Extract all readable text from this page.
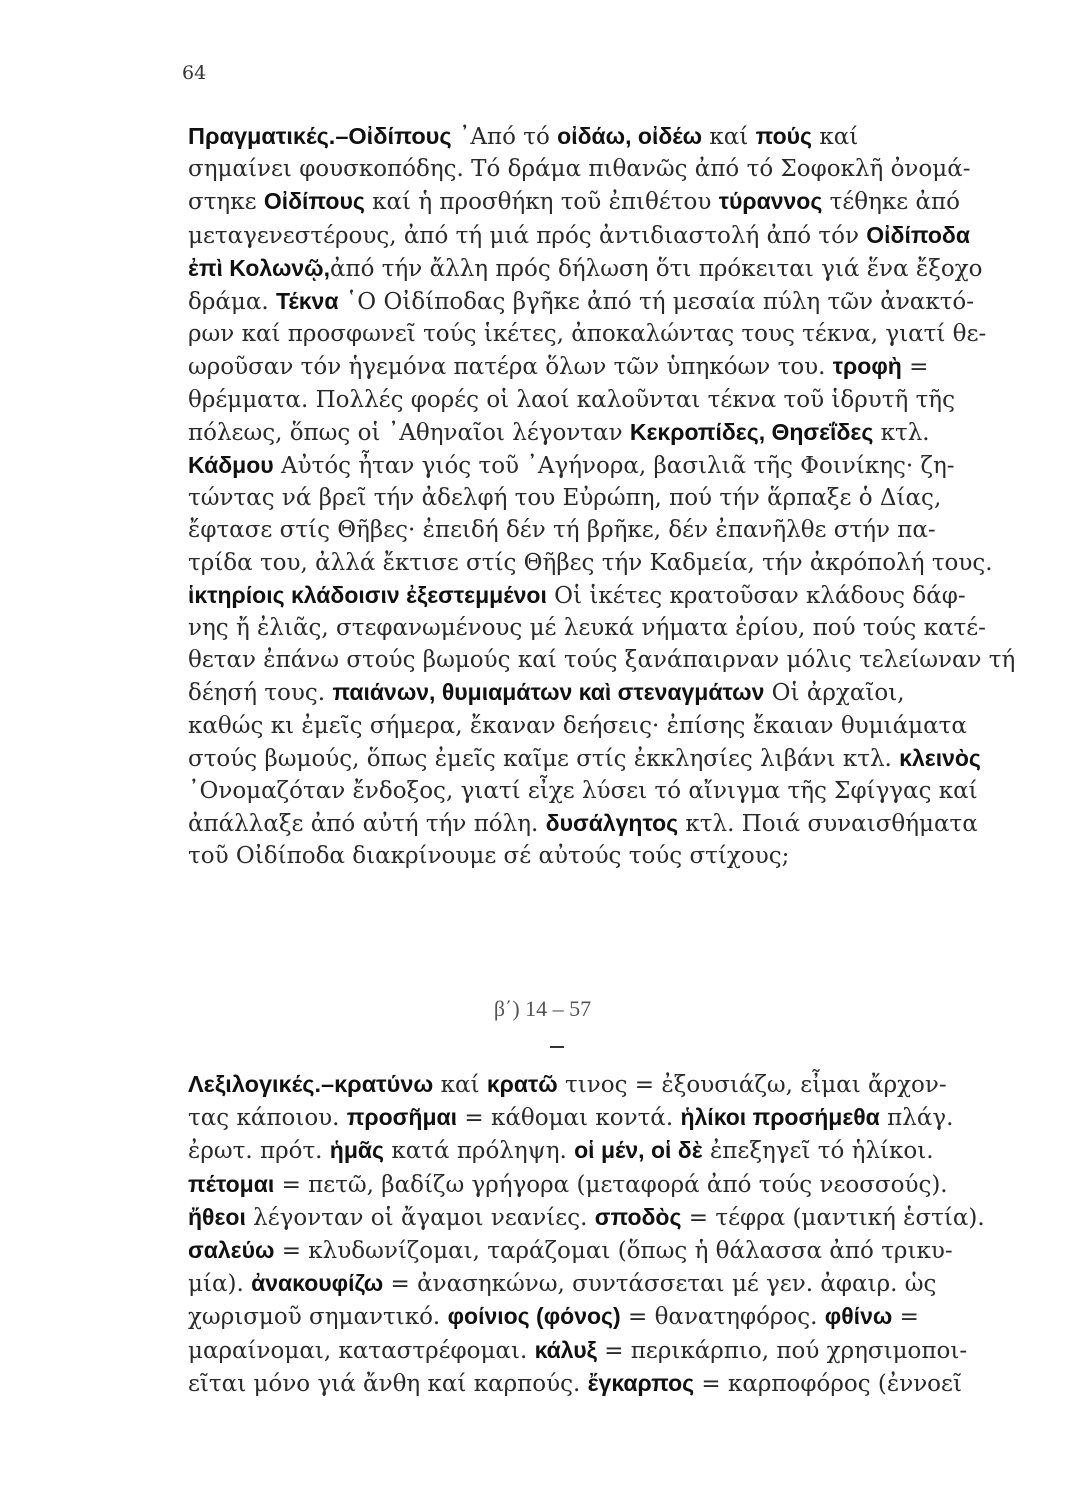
64
Πραγματικές.–Οἰδίπους ᾿Από τό οἰδάω, οἰδέω καί πούς καί
σημαίνει φουσκοπόδης. Τό δράμα πιθανῶς ἀπό τό Σοφοκλῆ ὀνομά-
στηκε Οἰδίπους καί ἡ προσθήκη τοῦ ἐπιθέτου τύραννος τέθηκε ἀπό
μεταγενεστέρους, ἀπό τή μιά πρός ἀντιδιαστολή ἀπό τόν Οἰδίποδα
ἐπὶ Κολωνῷ,ἀπό τήν ἄλλη πρός δήλωση ὅτι πρόκειται γιά ἕνα ἔξοχο
δράμα. Τέκνα ῾Ο Οἰδίποδας βγῆκε ἀπό τή μεσαία πύλη τῶν ἀνακτό-
ρων καί προσφωνεῖ τούς ἱκέτες, ἀποκαλώντας τους τέκνα, γιατί θε-
ωροῦσαν τόν ἡγεμόνα πατέρα ὅλων τῶν ὑπηκόων του. τροφὴ =
θρέμματα. Πολλές φορές οἱ λαοί καλοῦνται τέκνα τοῦ ἱδρυτῆ τῆς
πόλεως, ὅπως οἱ ᾿Αθηναῖοι λέγονταν Κεκροπίδες, Θησεΐδες κτλ.
Κάδμου Αὐτός ἦταν γιός τοῦ ᾿Αγήνορα, βασιλιᾶ τῆς Φοινίκης· ζη-
τώντας νά βρεῖ τήν ἀδελφή του Εὐρώπη, πού τήν ἅρπαξε ὁ Δίας,
ἔφτασε στίς Θῆβες· ἐπειδή δέν τή βρῆκε, δέν ἐπανῆλθε στήν πα-
τρίδα του, ἀλλά ἔκτισε στίς Θῆβες τήν Καδμεία, τήν ἀκρόπολή τους.
ἱκτηρίοις κλάδοισιν ἐξεστεμμένοι Οἱ ἱκέτες κρατοῦσαν κλάδους δάφ-
νης ἤ ἐλιᾶς, στεφανωμένους μέ λευκά νήματα ἐρίου, πού τούς κατέ-
θεταν ἐπάνω στούς βωμούς καί τούς ξανάπαιρναν μόλις τελείωναν τή
δέησή τους. παιάνων, θυμιαμάτων καὶ στεναγμάτων Οἱ ἀρχαῖοι,
καθώς κι ἐμεῖς σήμερα, ἔκαναν δεήσεις· ἐπίσης ἔκαιαν θυμιάματα
στούς βωμούς, ὅπως ἐμεῖς καῖμε στίς ἐκκλησίες λιβάνι κτλ. κλεινὸς
᾿Ονομαζόταν ἔνδοξος, γιατί εἶχε λύσει τό αἴνιγμα τῆς Σφίγγας καί
ἀπάλλαξε ἀπό αὐτή τήν πόλη. δυσάλγητος κτλ. Ποιά συναισθήματα
τοῦ Οἰδίποδα διακρίνουμε σέ αὐτούς τούς στίχους;
β΄) 14 – 57
Λεξιλογικές.–κρατύνω καί κρατῶ τινος = ἐξουσιάζω, εἶμαι ἄρχον-
τας κάποιου. προσῆμαι = κάθομαι κοντά. ἡλίκοι προσήμεθα πλάγ.
ἐρωτ. πρότ. ἡμᾶς κατά πρόληψη. οἱ μέν, οἱ δὲ ἐπεξηγεῖ τό ἡλίκοι.
πέτομαι = πετῶ, βαδίζω γρήγορα (μεταφορά ἀπό τούς νεοσσούς).
ἤθεοι λέγονταν οἱ ἄγαμοι νεανίες. σποδὸς = τέφρα (μαντική ἑστία).
σαλεύω = κλυδωνίζομαι, ταράζομαι (ὅπως ἡ θάλασσα ἀπό τρικυ-
μία). ἀνακουφίζω = ἀνασηκώνω, συντάσσεται μέ γεν. ἀφαιρ. ὡς
χωρισμοῦ σημαντικό. φοίνιος (φόνος) = θανατηφόρος. φθίνω =
μαραίνομαι, καταστρέφομαι. κάλυξ = περικάρπιο, πού χρησιμοποι-
εῖται μόνο γιά ἄνθη καί καρπούς. ἔγκαρπος = καρποφόρος (ἐννοεῖ
